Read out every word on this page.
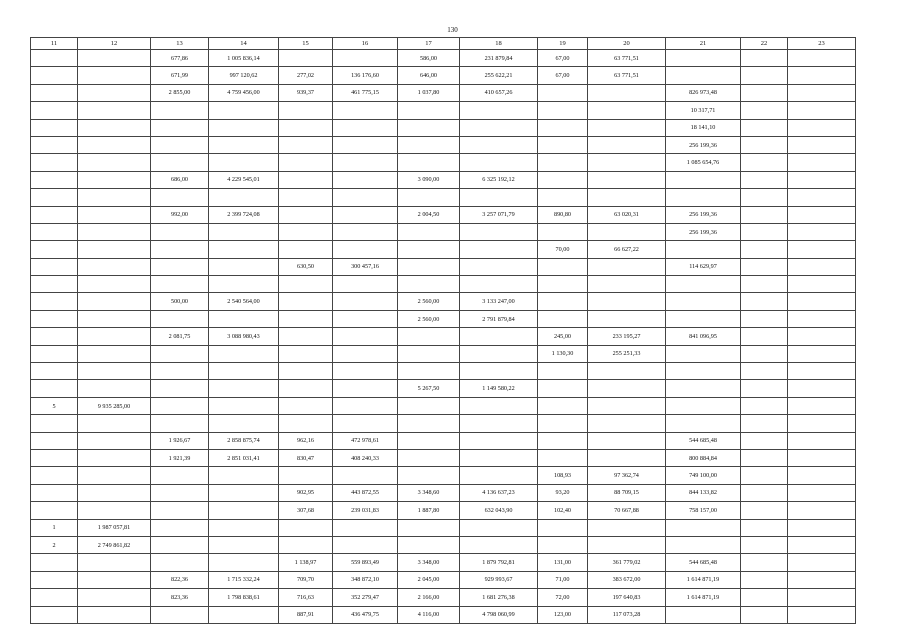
130
11	12	13	14	15	16	17	18	19	20	21	22	23
		677,86	1 005 836,14			586,00	231 879,84	67,00	63 771,51			
		671,99	997 120,62	277,02	136 176,60	646,00	255 622,21	67,00	63 771,51			
		2 855,00	4 759 456,00	939,37	461 775,15	1 037,80	410 657,26			826 973,48		
										10 317,71		
										18 141,10		
										256 199,36		
										1 085 654,76		
		686,00	4 229 545,01			3 090,00	6 325 192,12					

		992,00	2 399 724,08			2 004,50	3 257 071,79	890,80	63 020,31	256 199,36		
										256 199,36		
								70,00	66 627,22			
				630,50	300 457,16					114 629,97		

		500,00	2 540 564,00			2 560,00	3 133 247,00					
						2 560,00	2 791 879,84					
		2 081,75	3 088 980,43					245,00	233 195,27	841 096,95		
								1 130,30	255 251,33			

						5 267,50	1 149 580,22					
5	9 935 285,00											

		1 926,67	2 858 875,74	962,16	472 978,61					544 685,48		
		1 921,39	2 851 031,41	830,47	408 240,33					800 884,84		
								108,93	97 362,74	749 100,00		
				902,95	443 872,55	3 348,60	4 136 637,23	93,20	88 709,15	844 133,82		
				307,68	239 031,83	1 887,80	632 043,90	102,40	70 667,88	758 157,00		
1	1 987 057,81											
2	2 749 861,82											
				1 138,97	559 893,49	3 348,00	1 879 792,81	131,00	361 779,02	544 685,48		
		822,36	1 715 332,24	709,70	348 872,10	2 045,00	929 993,67	71,00	383 672,00	1 614 871,19		
		823,36	1 798 838,61	716,63	352 279,47	2 166,00	1 681 276,38	72,00	197 640,83	1 614 871,19		
				887,91	436 479,75	4 116,00	4 798 060,99	123,00	117 073,28			
